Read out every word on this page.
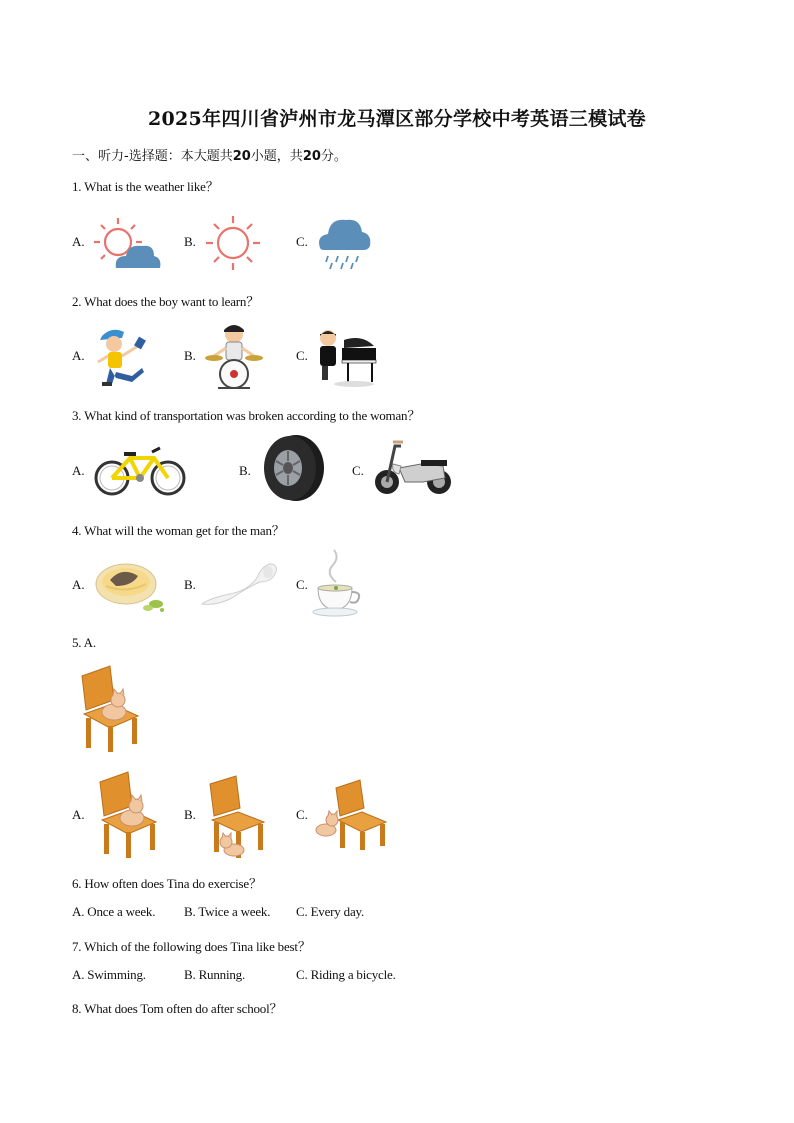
2025年四川省泸州市龙马潭区部分学校中考英语三模试卷
一、听力-选择题：本大题共20小题，共20分。
1. What is the weather like？
A.	B.	C.
2. What does the boy want to learn？
A.	B.	C.
3. What kind of transportation was broken according to the woman？
A.	B.	C.
4. What will the woman get for the man？
A.	B.	C.
5. A.
A.	B.	C.
6. How often does Tina do exercise？
A. Once a week. B. Twice a week. C. Every day.
7. Which of the following does Tina like best？
A. Swimming.	B. Running.	C. Riding a bicycle.
8. What does Tom often do after school？
